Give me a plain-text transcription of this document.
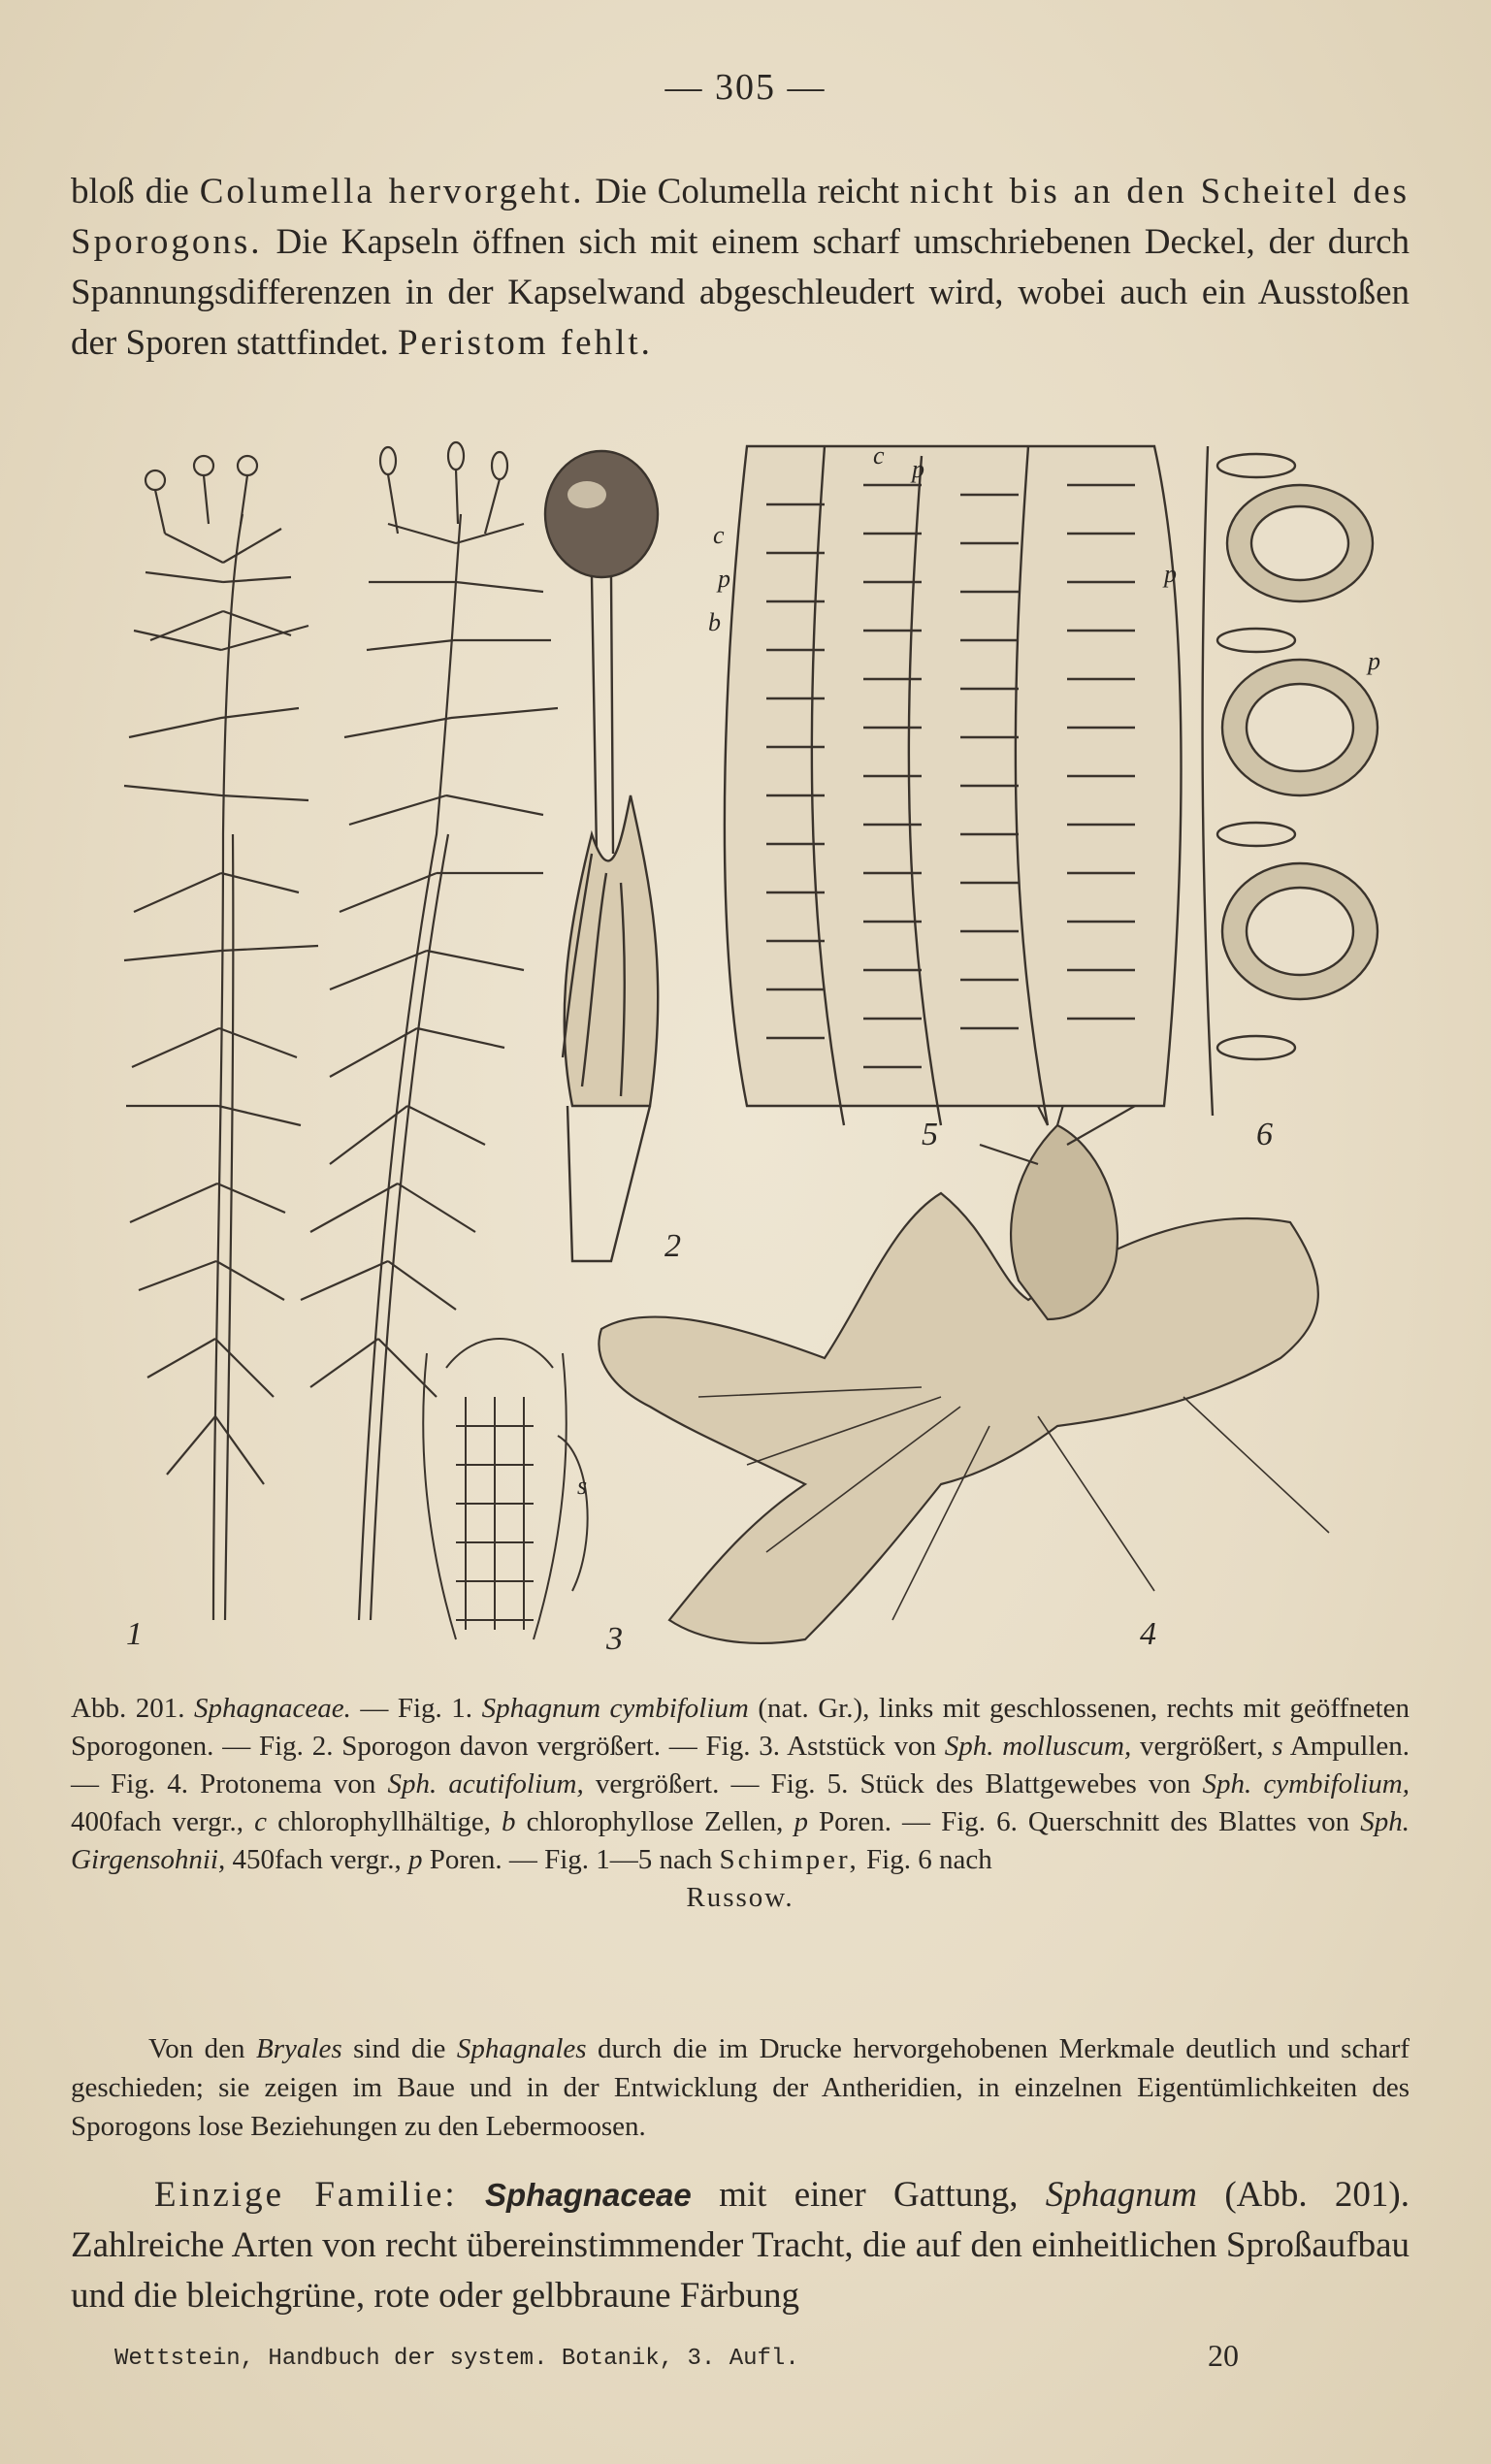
— 305 —

bloß die Columella hervorgeht. Die Columella reicht nicht bis an den Scheitel des Sporogons. Die Kapseln öffnen sich mit einem scharf umschriebenen Deckel, der durch Spannungsdifferenzen in der Kapselwand abgeschleudert wird, wobei auch ein Ausstoßen der Sporen stattfindet. Peristom fehlt.

1
2
3	4
5	6
c p
b
c
p	p
p
s

Abb. 201. Sphagnaceae. — Fig. 1. Sphagnum cymbifolium (nat. Gr.), links mit geschlossenen, rechts mit geöffneten Sporogonen. — Fig. 2. Sporogon davon vergrößert. — Fig. 3. Aststück von Sph. molluscum, vergrößert, s Ampullen. — Fig. 4. Protonema von Sph. acutifolium, vergrößert. — Fig. 5. Stück des Blattgewebes von Sph. cymbifolium, 400fach vergr., c chlorophyllhältige, b chlorophyllose Zellen, p Poren. — Fig. 6. Querschnitt des Blattes von Sph. Girgensohnii, 450fach vergr., p Poren. — Fig. 1—5 nach Schimper, Fig. 6 nach
Russow.

Von den Bryales sind die Sphagnales durch die im Drucke hervorgehobenen Merkmale deutlich und scharf geschieden; sie zeigen im Baue und in der Entwicklung der Antheridien, in einzelnen Eigentümlichkeiten des Sporogons lose Beziehungen zu den Lebermoosen.

Einzige Familie: Sphagnaceae mit einer Gattung, Sphagnum (Abb. 201). Zahlreiche Arten von recht übereinstimmender Tracht, die auf den einheitlichen Sproßaufbau und die bleichgrüne, rote oder gelbbraune Färbung

Wettstein, Handbuch der system. Botanik, 3. Aufl.	20
